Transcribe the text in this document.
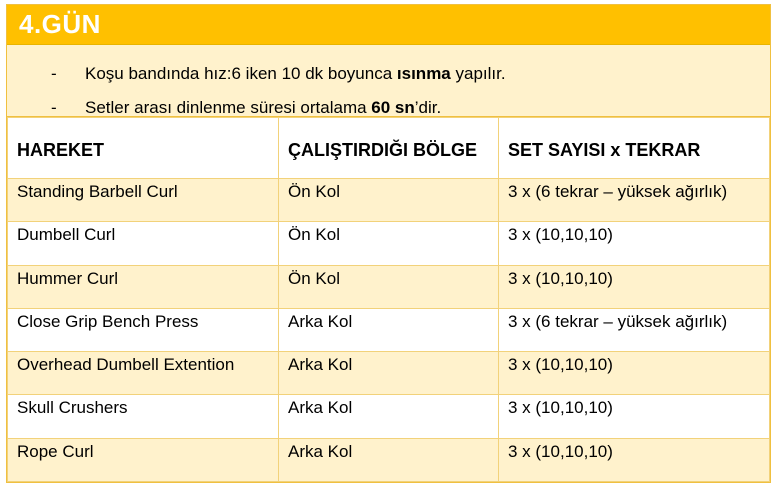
4.GÜN
-	Koşu bandında hız:6 iken 10 dk boyunca ısınma yapılır.
-	Setler arası dinlenme süresi ortalama 60 sn’dir.
HAREKET	ÇALIŞTIRDIĞI BÖLGE	SET SAYISI x TEKRAR
Standing Barbell Curl	Ön Kol	3 x (6 tekrar – yüksek ağırlık)
Dumbell Curl	Ön Kol	3 x (10,10,10)
Hummer Curl	Ön Kol	3 x (10,10,10)
Close Grip Bench Press	Arka Kol	3 x (6 tekrar – yüksek ağırlık)
Overhead Dumbell Extention	Arka Kol	3 x (10,10,10)
Skull Crushers	Arka Kol	3 x (10,10,10)
Rope Curl	Arka Kol	3 x (10,10,10)
